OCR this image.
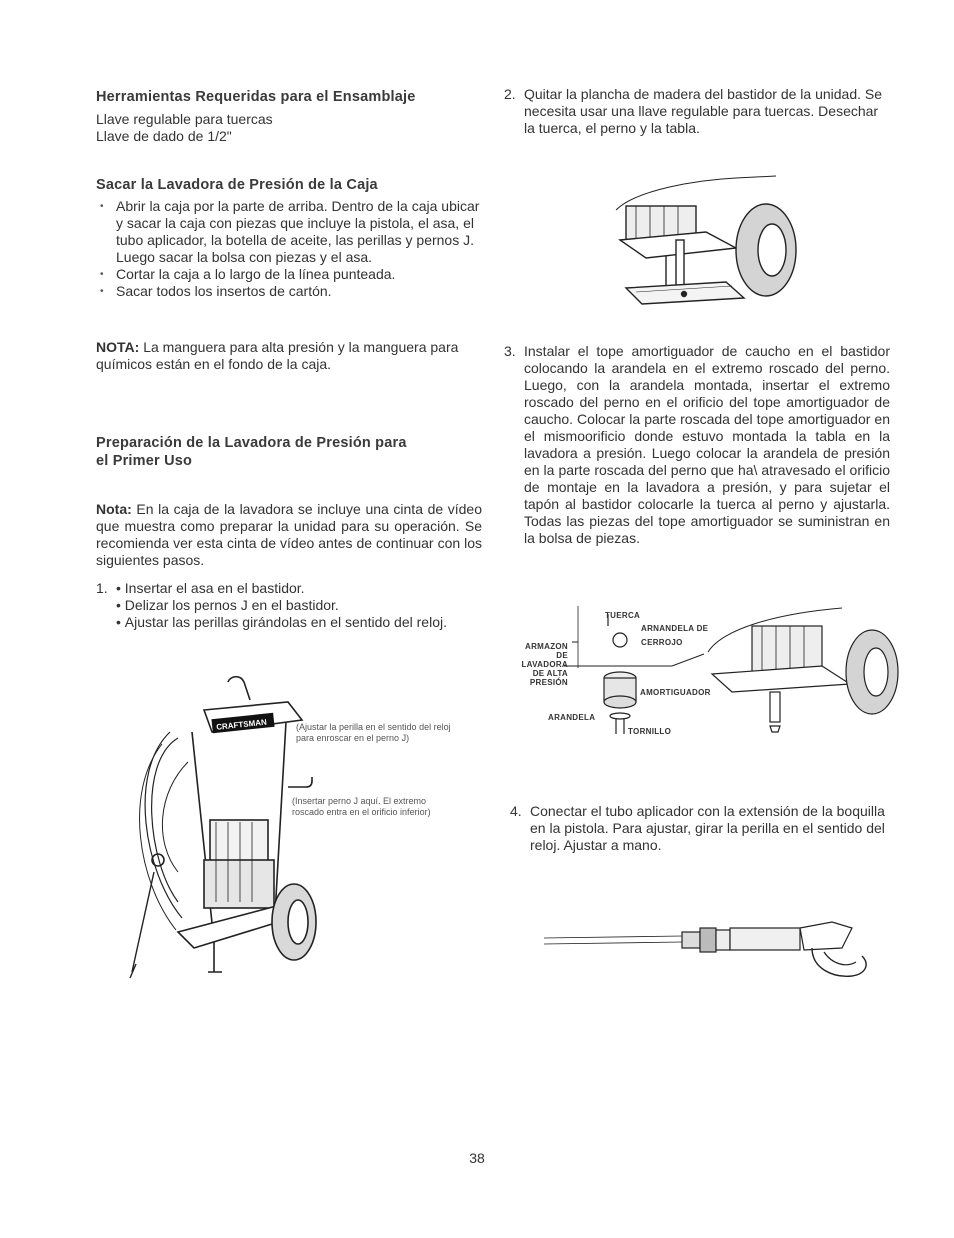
Herramientas Requeridas para el Ensamblaje

Llave regulable para tuercas

Llave de dado de 1/2"

Sacar la Lavadora de Presión de la Caja

• Abrir la caja por la parte de arriba. Dentro de la caja ubicar y sacar la caja con piezas que incluye la pistola, el asa, el tubo aplicador, la botella de aceite, las perillas y pernos J. Luego sacar la bolsa con piezas y el asa.

• Cortar la caja a lo largo de la línea punteada.

• Sacar todos los insertos de cartón.

NOTA: La manguera para alta presión y la manguera para químicos están en el fondo de la caja.
Preparación de la Lavadora de Presión para
el Primer Uso
Nota: En la caja de la lavadora se incluye una cinta de vídeo que muestra como preparar la unidad para su operación. Se recomienda ver esta cinta de vídeo antes de continuar con los siguientes pasos.
1. • Insertar el asa en el bastidor.
• Delizar los pernos J en el bastidor.
• Ajustar las perillas girándolas en el sentido del reloj.
CRAFTSMAN	(Ajustar la perilla en el sentido del reloj para enroscar en el perno J)
(Insertar perno J aquí. El extremo roscado entra en el orificio inferior)
2. Quitar la plancha de madera del bastidor de la unidad. Se necesita usar una llave regulable para tuercas. Desechar la tuerca, el perno y la tabla.
3. Instalar el tope amortiguador de caucho en el bastidor colocando la arandela en el extremo roscado del perno. Luego, con la arandela montada, insertar el extremo roscado del perno en el orificio del tope amortiguador de caucho. Colocar la parte roscada del tope amortiguador en el mismoorificio donde estuvo montada la tabla en la lavadora a presión. Luego colocar la arandela de presión en la parte roscada del perno que ha\ atravesado el orificio de montaje en la lavadora a presión, y para sujetar el tapón al bastidor colocarle la tuerca al perno y ajustarla. Todas las piezas del tope amortiguador se suministran en la bolsa de piezas.
TUERCA
ARNANDELA DE
CERROJO
ARMAZON
DE LAVADORA
DE ALTA
PRESIÓN
AMORTIGUADOR
ARANDELA
TORNILLO
4. Conectar el tubo aplicador con la extensión de la boquilla en la pistola. Para ajustar, girar la perilla en el sentido del reloj. Ajustar a mano.
38
